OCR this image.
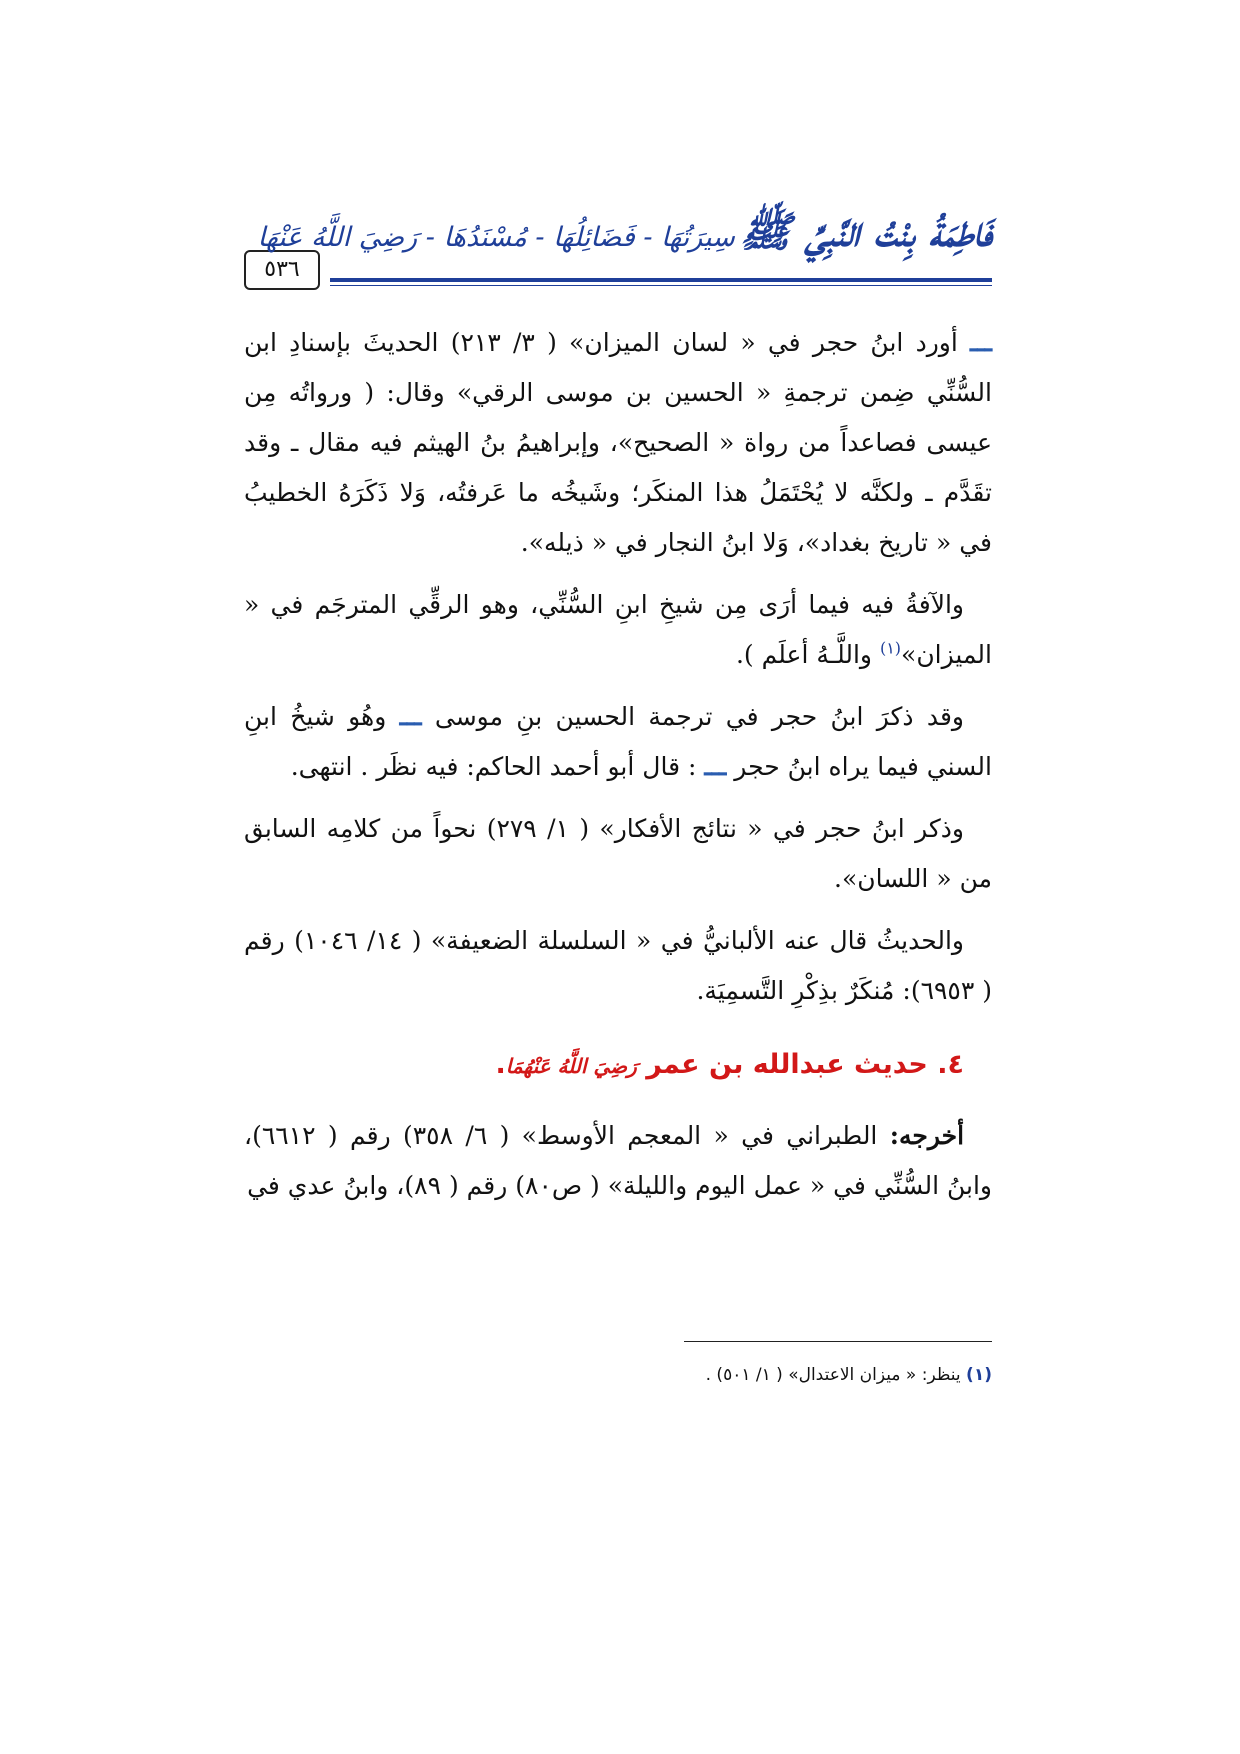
٥٣٦
فَاطِمَةُ بِنْتُ النَّبِيِّ ﷺ سِيرَتُهَا - فَضَائِلُهَا - مُسْنَدُهَا - رَضِيَ اللَّهُ عَنْهَا

ـــ أورد ابنُ حجر في « لسان الميزان» ( ٣/ ٢١٣) الحديثَ بإسنادِ ابن السُّنِّي ضِمن ترجمةِ « الحسين بن موسى الرقي» وقال: ( ورواتُه مِن عيسى فصاعداً من رواة « الصحيح»، وإبراهيمُ بنُ الهيثم فيه مقال ـ وقد تقَدَّم ـ ولكنَّه لا يُحْتَمَلُ هذا المنكَر؛ وشَيخُه ما عَرفتُه، وَلا ذَكَرَهُ الخطيبُ في « تاريخ بغداد»، وَلا ابنُ النجار في « ذيله».

والآفةُ فيه فيما أرَى مِن شيخِ ابنِ السُّنِّي، وهو الرقِّي المترجَم في « الميزان»$^{(١)}$ واللَّـهُ أعلَم ).

وقد ذكرَ ابنُ حجر في ترجمة الحسين بنِ موسى ـــ وهُو شيخُ ابنِ السني فيما يراه ابنُ حجر ـــ : قال أبو أحمد الحاكم: فيه نظَر . انتهى.

وذكر ابنُ حجر في « نتائج الأفكار» ( ١/ ٢٧٩) نحواً من كلامِه السابق من « اللسان».

والحديثُ قال عنه الألبانيُّ في « السلسلة الضعيفة» ( ١٤/ ١٠٤٦) رقم ( ٦٩٥٣): مُنكَرٌ بذِكْرِ التَّسمِيَة.

٤. حديث عبدالله بن عمر رَضِيَ اللَّهُ عَنْهُمَا.

أخرجه: الطبراني في « المعجم الأوسط» ( ٦/ ٣٥٨) رقم ( ٦٦١٢)، وابنُ السُّنِّي في « عمل اليوم والليلة» ( ص٨٠) رقم ( ٨٩)، وابنُ عدي في

(١) ينظر: « ميزان الاعتدال» ( ١/ ٥٠١) .
